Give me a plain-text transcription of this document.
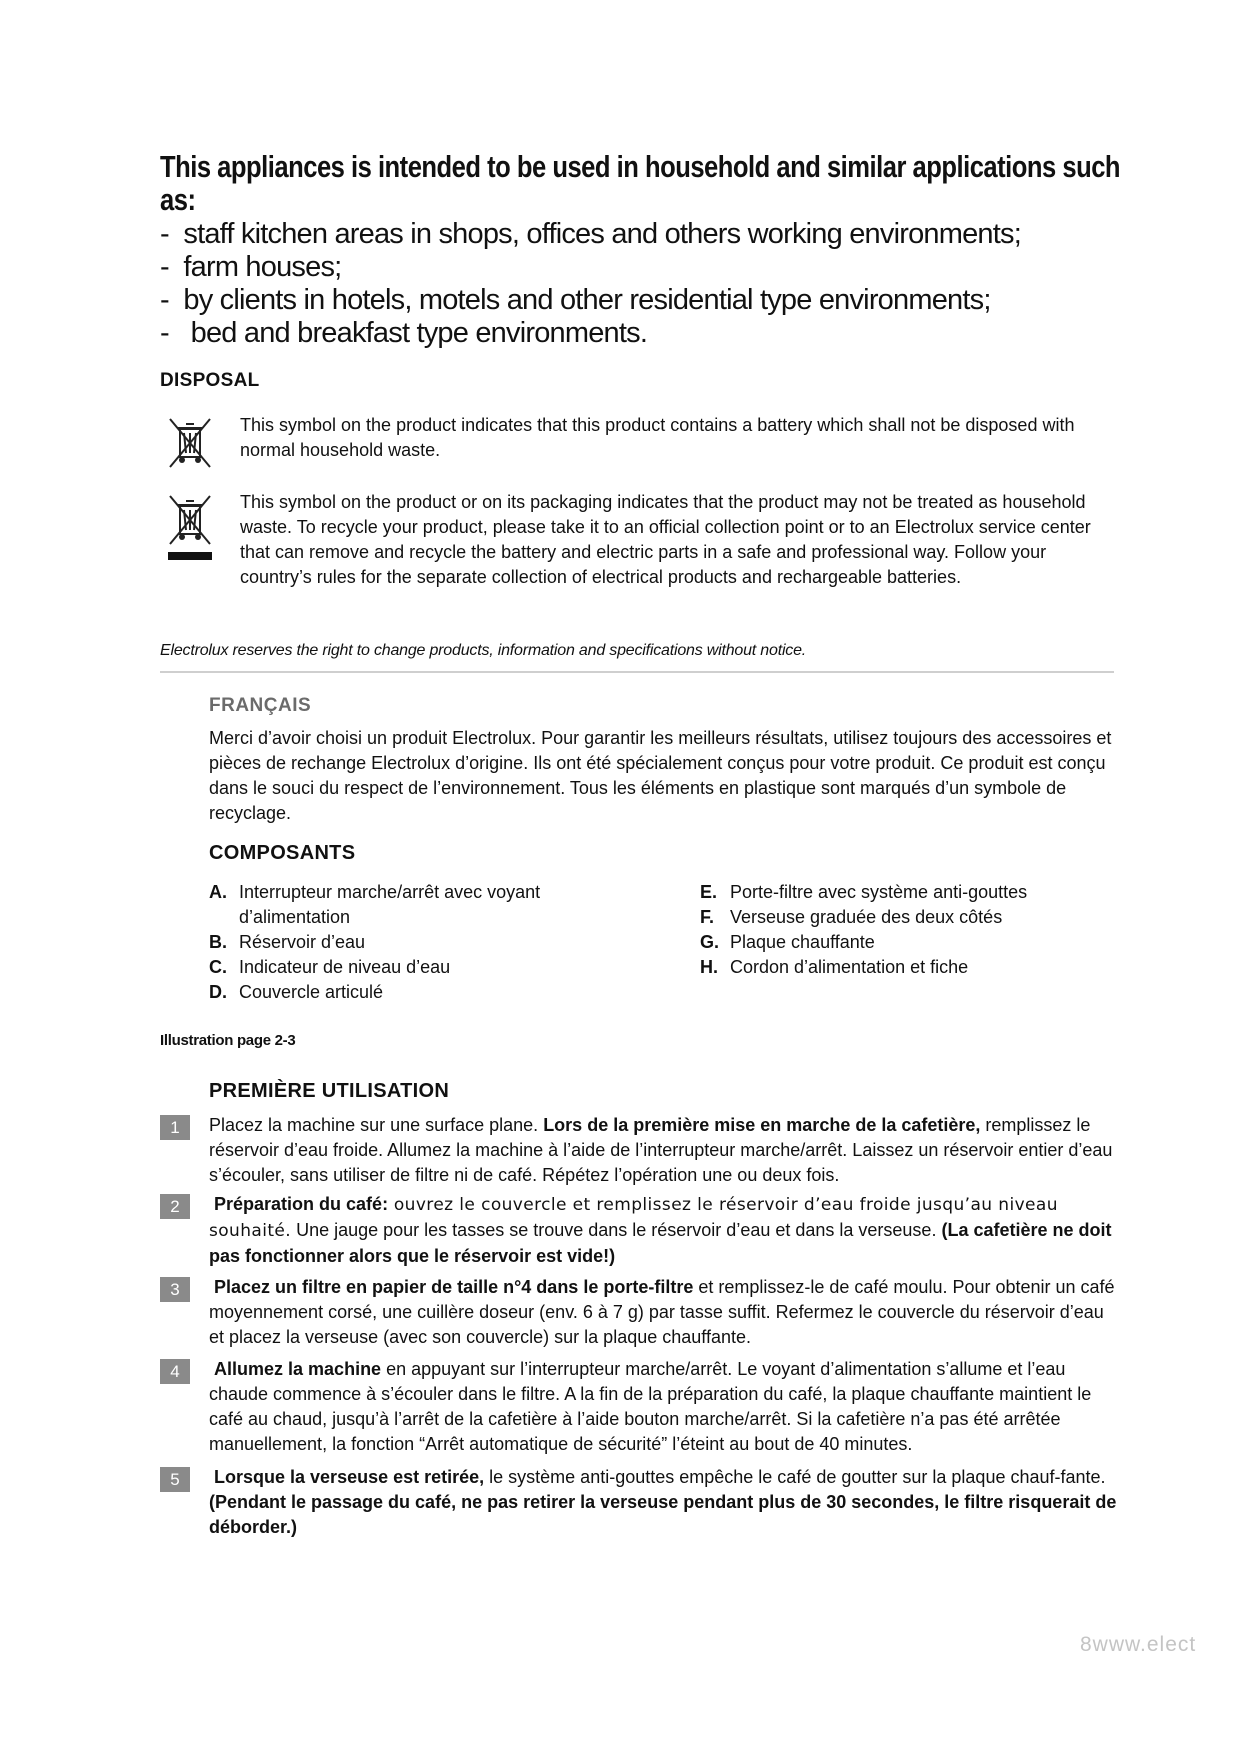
This appliances is intended to be used in household and similar applications such
as:
-  staff kitchen areas in shops, offices and others working environments;
-  farm houses;
-  by clients in hotels, motels and other residential type environments;
-   bed and breakfast type environments.
DISPOSAL
This symbol on the product indicates that this product contains a battery which shall not be disposed with normal household waste.
This symbol on the product or on its packaging indicates that the product may not be treated as household waste. To recycle your product, please take it to an official collection point or to an Electrolux service center that can remove and recycle the battery and electric parts in a safe and professional way. Follow your country’s rules for the separate collection of electrical products and rechargeable batteries.
Electrolux reserves the right to change products, information and specifications without notice.
FRANÇAIS
Merci d’avoir choisi un produit Electrolux. Pour garantir les meilleurs résultats, utilisez toujours des accessoires et pièces de rechange Electrolux d’origine. Ils ont été spécialement conçus pour votre produit. Ce produit est conçu dans le souci du respect de l’environnement. Tous les éléments en plastique sont marqués d’un symbole de recyclage.
COMPOSANTS
A. Interrupteur marche/arrêt avec voyant d’alimentation
B. Réservoir d’eau
C. Indicateur de niveau d’eau
D. Couvercle articulé
E. Porte-filtre avec système anti-gouttes
F. Verseuse graduée des deux côtés
G. Plaque chauffante
H. Cordon d’alimentation et fiche
Illustration page 2-3
PREMIÈRE UTILISATION
1	Placez la machine sur une surface plane. Lors de la première mise en marche de la cafetière, remplissez le réservoir d’eau froide. Allumez la machine à l’aide de l’interrupteur marche/arrêt. Laissez un réservoir entier d’eau s’écouler, sans utiliser de filtre ni de café. Répétez l’opération une ou deux fois.
2	Préparation du café: ouvrez le couvercle et remplissez le réservoir d’eau froide jusqu’au niveau souhaité. Une jauge pour les tasses se trouve dans le réservoir d’eau et dans la verseuse. (La cafetière ne doit pas fonctionner alors que le réservoir est vide!)
3	Placez un filtre en papier de taille n°4 dans le porte-filtre et remplissez-le de café moulu. Pour obtenir un café moyennement corsé, une cuillère doseur (env. 6 à 7 g) par tasse suffit. Refermez le couvercle du réservoir d’eau et placez la verseuse (avec son couvercle) sur la plaque chauffante.
4	Allumez la machine en appuyant sur l’interrupteur marche/arrêt. Le voyant d’alimentation s’allume et l’eau chaude commence à s’écouler dans le filtre. A la fin de la préparation du café, la plaque chauffante maintient le café au chaud, jusqu’à l’arrêt de la cafetière à l’aide bouton marche/arrêt. Si la cafetière n’a pas été arrêtée manuellement, la fonction “Arrêt automatique de sécurité” l’éteint au bout de 40 minutes.
5	Lorsque la verseuse est retirée, le système anti-gouttes empêche le café de goutter sur la plaque chauf-fante. (Pendant le passage du café, ne pas retirer la verseuse pendant plus de 30 secondes, le filtre risquerait de déborder.)
8www.elect
